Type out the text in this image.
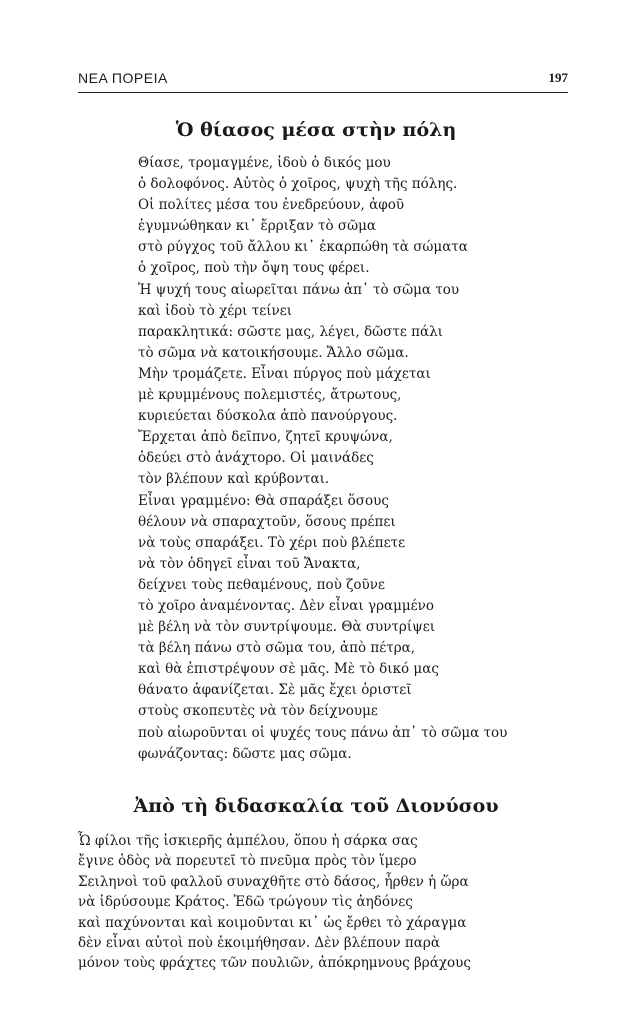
ΝΕΑ ΠΟΡΕΙΑ	197
Ὁ θίασος μέσα στὴν πόλη
Θίασε, τρομαγμένε, ἰδοὺ ὁ δικός μου
ὁ δολοφόνος. Αὐτὸς ὁ χοῖρος, ψυχὴ τῆς πόλης.
Οἱ πολίτες μέσα του ἐνεδρεύουν, ἀφοῦ
ἐγυμνώθηκαν κι᾽ ἔρριξαν τὸ σῶμα
στὸ ρύγχος τοῦ ἄλλου κι᾽ ἐκαρπώθη τὰ σώματα
ὁ χοῖρος, ποὺ τὴν ὄψη τους φέρει.
Ἡ ψυχή τους αἰωρεῖται πάνω ἀπ᾽ τὸ σῶμα του
καὶ ἰδοὺ τὸ χέρι τείνει
παρακλητικά: σῶστε μας, λέγει, δῶστε πάλι
τὸ σῶμα νὰ κατοικήσουμε. Ἄλλο σῶμα.
Μὴν τρομάζετε. Εἶναι πύργος ποὺ μάχεται
μὲ κρυμμένους πολεμιστές, ἄτρωτους,
κυριεύεται δύσκολα ἀπὸ πανούργους.
Ἔρχεται ἀπὸ δεῖπνο, ζητεῖ κρυψώνα,
ὁδεύει στὸ ἀνάχτορο. Οἱ μαινάδες
τὸν βλέπουν καὶ κρύβονται.
Εἶναι γραμμένο: Θὰ σπαράξει ὅσους
θέλουν νὰ σπαραχτοῦν, ὅσους πρέπει
νὰ τοὺς σπαράξει. Τὸ χέρι ποὺ βλέπετε
νὰ τὸν ὁδηγεῖ εἶναι τοῦ Ἄνακτα,
δείχνει τοὺς πεθαμένους, ποὺ ζοῦνε
τὸ χοῖρο ἀναμένοντας. Δὲν εἶναι γραμμένο
μὲ βέλη νὰ τὸν συντρίψουμε. Θὰ συντρίψει
τὰ βέλη πάνω στὸ σῶμα του, ἀπὸ πέτρα,
καὶ θὰ ἐπιστρέψουν σὲ μᾶς. Μὲ τὸ δικό μας
θάνατο ἀφανίζεται. Σὲ μᾶς ἔχει ὁριστεῖ
στοὺς σκοπευτὲς νὰ τὸν δείχνουμε
ποὺ αἰωροῦνται οἱ ψυχές τους πάνω ἀπ᾽ τὸ σῶμα του
φωνάζοντας: δῶστε μας σῶμα.
Ἀπὸ τὴ διδασκαλία τοῦ Διονύσου
Ὦ φίλοι τῆς ἰσκιερῆς ἀμπέλου, ὅπου ἡ σάρκα σας
ἔγινε ὁδὸς νὰ πορευτεῖ τὸ πνεῦμα πρὸς τὸν ἵμερο
Σειληνοὶ τοῦ φαλλοῦ συναχθῆτε στὸ δάσος, ἦρθεν ἡ ὥρα
νὰ ἱδρύσουμε Κράτος. Ἐδῶ τρώγουν τὶς ἀηδόνες
καὶ παχύνονται καὶ κοιμοῦνται κι᾽ ὡς ἔρθει τὸ χάραγμα
δὲν εἶναι αὐτοὶ ποὺ ἐκοιμήθησαν. Δὲν βλέπουν παρὰ
μόνον τοὺς φράχτες τῶν πουλιῶν, ἀπόκρημνους βράχους
